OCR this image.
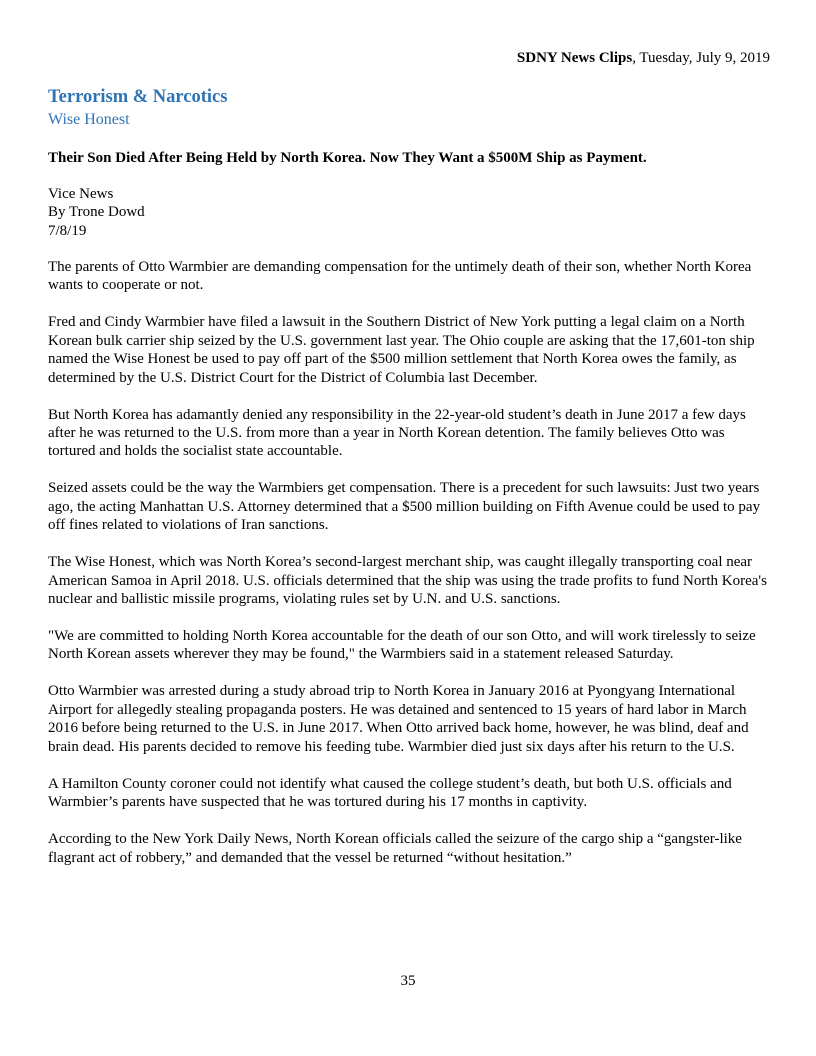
SDNY News Clips, Tuesday, July 9, 2019
Terrorism & Narcotics
Wise Honest
Their Son Died After Being Held by North Korea. Now They Want a $500M Ship as Payment.
Vice News
By Trone Dowd
7/8/19

The parents of Otto Warmbier are demanding compensation for the untimely death of their son, whether North Korea wants to cooperate or not.

Fred and Cindy Warmbier have filed a lawsuit in the Southern District of New York putting a legal claim on a North Korean bulk carrier ship seized by the U.S. government last year. The Ohio couple are asking that the 17,601-ton ship named the Wise Honest be used to pay off part of the $500 million settlement that North Korea owes the family, as determined by the U.S. District Court for the District of Columbia last December.

But North Korea has adamantly denied any responsibility in the 22-year-old student’s death in June 2017 a few days after he was returned to the U.S. from more than a year in North Korean detention. The family believes Otto was tortured and holds the socialist state accountable.

Seized assets could be the way the Warmbiers get compensation. There is a precedent for such lawsuits: Just two years ago, the acting Manhattan U.S. Attorney determined that a $500 million building on Fifth Avenue could be used to pay off fines related to violations of Iran sanctions.

The Wise Honest, which was North Korea’s second-largest merchant ship, was caught illegally transporting coal near American Samoa in April 2018. U.S. officials determined that the ship was using the trade profits to fund North Korea's nuclear and ballistic missile programs, violating rules set by U.N. and U.S. sanctions.

"We are committed to holding North Korea accountable for the death of our son Otto, and will work tirelessly to seize North Korean assets wherever they may be found," the Warmbiers said in a statement released Saturday.

Otto Warmbier was arrested during a study abroad trip to North Korea in January 2016 at Pyongyang International Airport for allegedly stealing propaganda posters. He was detained and sentenced to 15 years of hard labor in March 2016 before being returned to the U.S. in June 2017. When Otto arrived back home, however, he was blind, deaf and brain dead. His parents decided to remove his feeding tube. Warmbier died just six days after his return to the U.S.

A Hamilton County coroner could not identify what caused the college student’s death, but both U.S. officials and Warmbier’s parents have suspected that he was tortured during his 17 months in captivity.

According to the New York Daily News, North Korean officials called the seizure of the cargo ship a “gangster-like flagrant act of robbery,” and demanded that the vessel be returned “without hesitation.”

35
